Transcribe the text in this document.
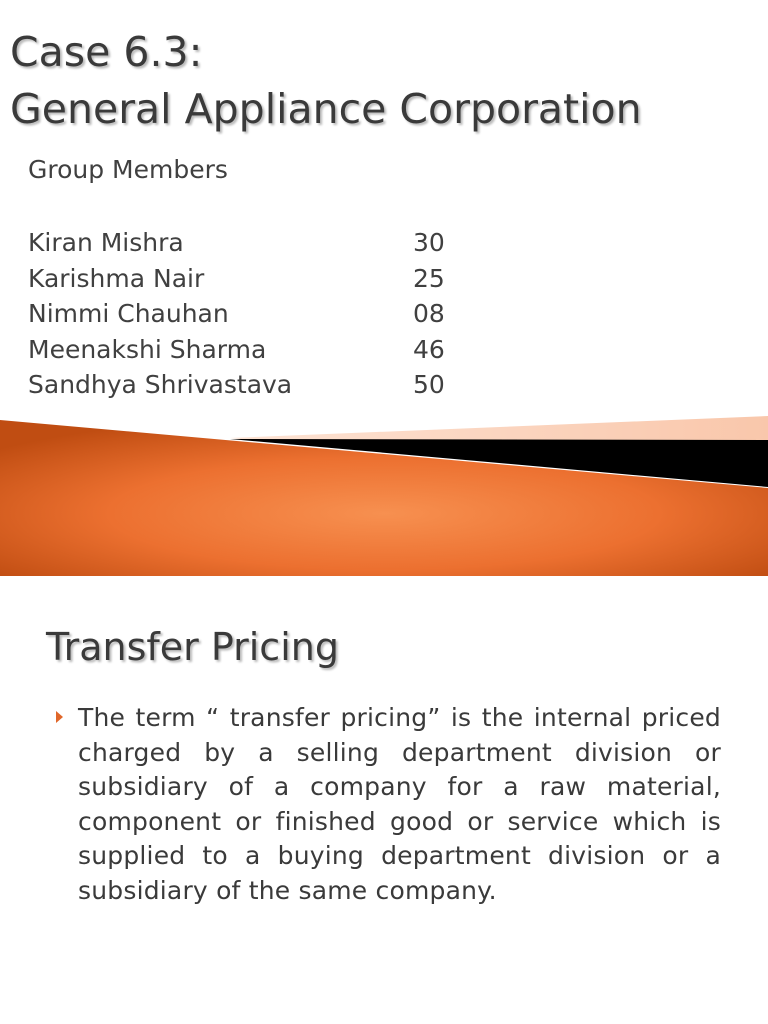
Case 6.3:
General Appliance Corporation
Group Members
Kiran Mishra	30
Karishma Nair	25
Nimmi Chauhan	08
Meenakshi Sharma	46
Sandhya Shrivastava	50
Transfer Pricing

The term “ transfer pricing” is the internal priced charged by a selling department division or subsidiary of a company for a raw material, component or finished good or service which is supplied to a buying department division or a subsidiary of the same company.
